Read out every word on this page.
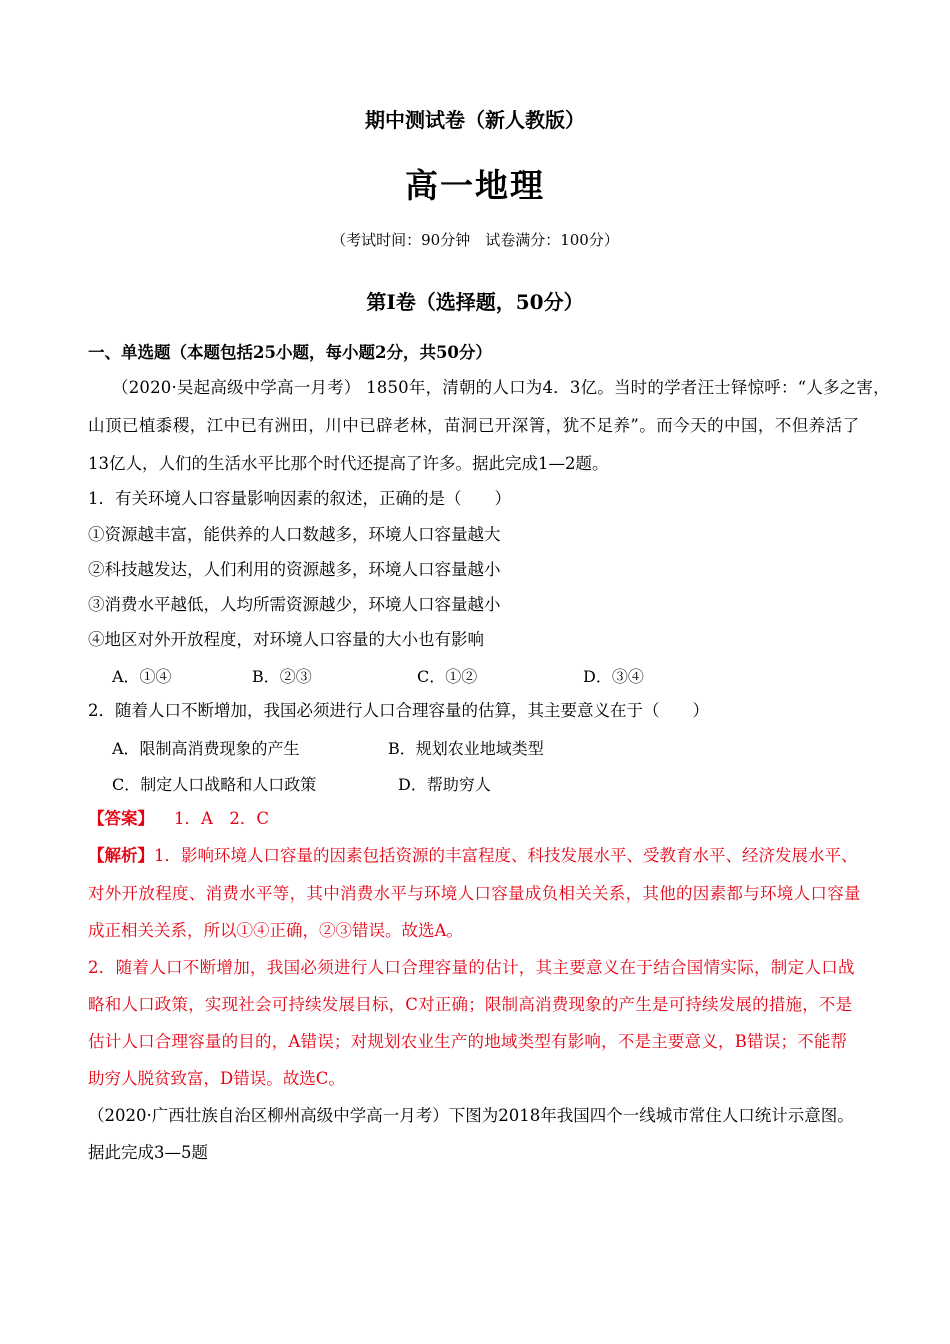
期中测试卷（新人教版）
高一地理
（考试时间：90分钟　试卷满分：100分）
第Ⅰ卷（选择题，50分）
一、单选题（本题包括25小题，每小题2分，共50分）
（2020·吴起高级中学高一月考） 1850年，清朝的人口为4．3亿。当时的学者汪士铎惊呼：“人多之害，
山顶已植黍稷，江中已有洲田，川中已辟老林，苗洞已开深箐，犹不足养”。而今天的中国，不但养活了
13亿人，人们的生活水平比那个时代还提高了许多。据此完成1—2题。
1．有关环境人口容量影响因素的叙述，正确的是（　　）
①资源越丰富，能供养的人口数越多，环境人口容量越大
②科技越发达，人们利用的资源越多，环境人口容量越小
③消费水平越低，人均所需资源越少，环境人口容量越小
④地区对外开放程度，对环境人口容量的大小也有影响
A．①④	B．②③	C．①②	D．③④
2．随着人口不断增加，我国必须进行人口合理容量的估算，其主要意义在于（　　）
A．限制高消费现象的产生	B．规划农业地域类型
C．制定人口战略和人口政策	D．帮助穷人
【答案】 1．A　2．C
【解析】1．影响环境人口容量的因素包括资源的丰富程度、科技发展水平、受教育水平、经济发展水平、
对外开放程度、消费水平等，其中消费水平与环境人口容量成负相关关系，其他的因素都与环境人口容量
成正相关关系，所以①④正确，②③错误。故选A。
2．随着人口不断增加，我国必须进行人口合理容量的估计，其主要意义在于结合国情实际，制定人口战
略和人口政策，实现社会可持续发展目标，C对正确；限制高消费现象的产生是可持续发展的措施，不是
估计人口合理容量的目的，A错误；对规划农业生产的地域类型有影响，不是主要意义，B错误；不能帮
助穷人脱贫致富，D错误。故选C。
（2020·广西壮族自治区柳州高级中学高一月考）下图为2018年我国四个一线城市常住人口统计示意图。
据此完成3—5题
